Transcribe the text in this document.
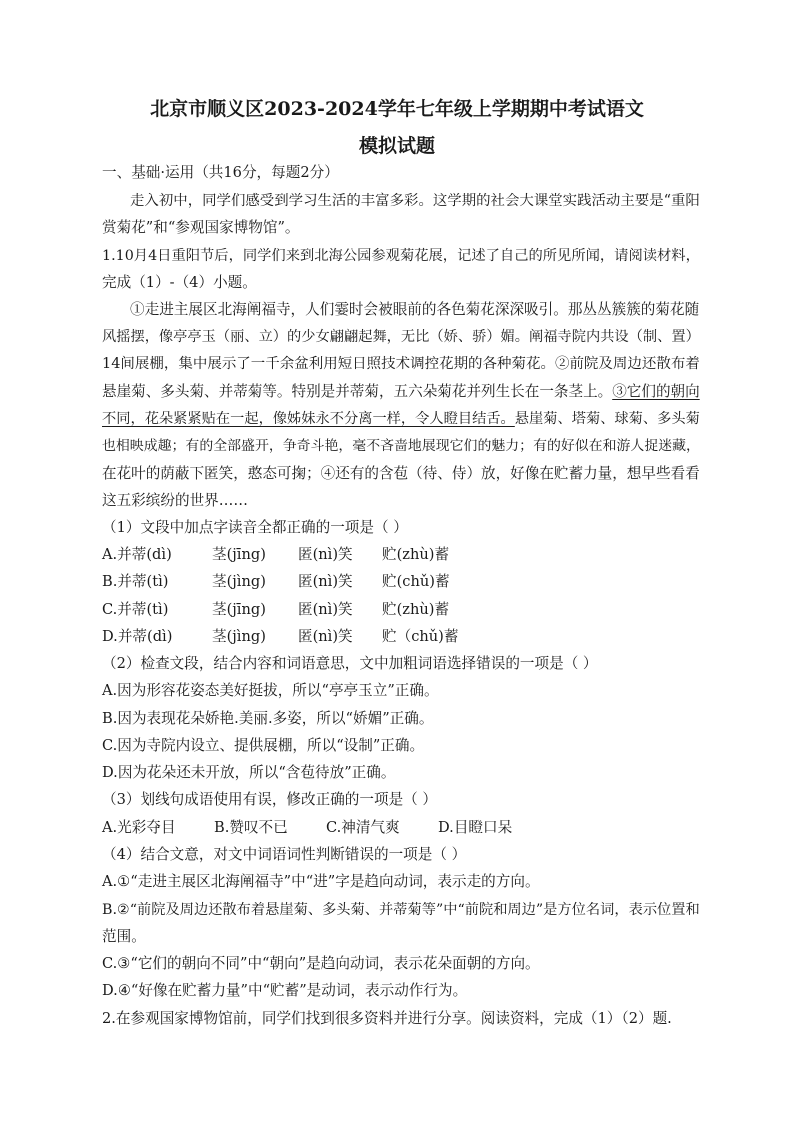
北京市顺义区2023-2024学年七年级上学期期中考试语文
模拟试题
一、基础·运用（共16分，每题2分）
走入初中，同学们感受到学习生活的丰富多彩。这学期的社会大课堂实践活动主要是“重阳
赏菊花”和“参观国家博物馆”。
1.10月4日重阳节后，同学们来到北海公园参观菊花展，记述了自己的所见所闻，请阅读材料，
完成（1）-（4）小题。
①走进主展区北海阐福寺，人们霎时会被眼前的各色菊花深深吸引。那丛丛簇簇的菊花随
风摇摆，像亭亭玉（丽、立）的少女翩翩起舞，无比（娇、骄）媚。阐福寺院内共设（制、置）
14间展棚，集中展示了一千余盆利用短日照技术调控花期的各种菊花。②前院及周边还散布着
悬崖菊、多头菊、并蒂菊等。特别是并蒂菊，五六朵菊花并列生长在一条茎上。③它们的朝向
不同，花朵紧紧贴在一起，像姊妹永不分离一样，令人瞪目结舌。悬崖菊、塔菊、球菊、多头菊
也相映成趣；有的全部盛开，争奇斗艳，毫不吝啬地展现它们的魅力；有的好似在和游人捉迷藏，
在花叶的荫蔽下匿笑，憨态可掬；④还有的含苞（待、侍）放，好像在贮蓄力量，想早些看看
这五彩缤纷的世界……
（1）文段中加点字读音全都正确的一项是（ ）
A.并蒂(dì)	茎(jīng) 匿(nì)笑 贮(zhù)蓄
B.并蒂(tì)	茎(jìng) 匿(nì)笑 贮(chǔ)蓄
C.并蒂(tì)	茎(jīng) 匿(nì)笑 贮(zhù)蓄
D.并蒂(dì)	茎(jìng) 匿(nì)笑 贮（chǔ)蓄
（2）检查文段，结合内容和词语意思，文中加粗词语选择错误的一项是（ ）
A.因为形容花姿态美好挺拔，所以“亭亭玉立”正确。
B.因为表现花朵娇艳.美丽.多姿，所以“娇媚”正确。
C.因为寺院内设立、提供展棚，所以“设制”正确。
D.因为花朵还未开放，所以“含苞待放”正确。
（3）划线句成语使用有误，修改正确的一项是（ ）
A.光彩夺目	B.赞叹不已	C.神清气爽	D.目瞪口呆
（4）结合文意，对文中词语词性判断错误的一项是（ ）
A.①“走进主展区北海阐福寺”中“进”字是趋向动词，表示走的方向。
B.②“前院及周边还散布着悬崖菊、多头菊、并蒂菊等”中“前院和周边”是方位名词，表示位置和
范围。
C.③“它们的朝向不同”中“朝向”是趋向动词，表示花朵面朝的方向。
D.④“好像在贮蓄力量”中“贮蓄”是动词，表示动作行为。
2.在参观国家博物馆前，同学们找到很多资料并进行分享。阅读资料，完成（1）（2）题.
